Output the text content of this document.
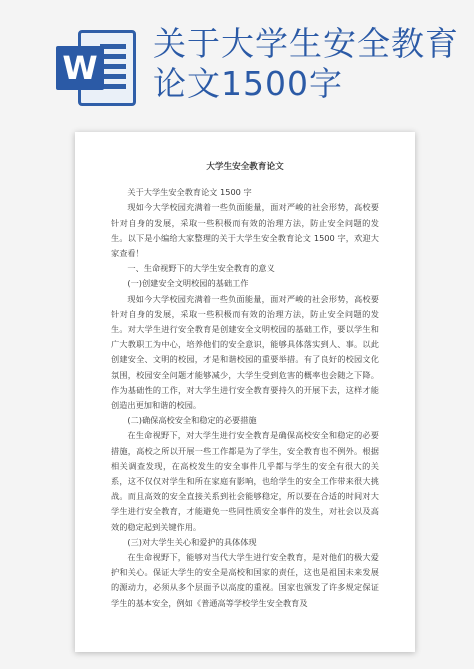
W
关于大学生安全教育论文1500字
大学生安全教育论文

关于大学生安全教育论文 1500 字

现如今大学校园充满着一些负面能量，面对严峻的社会形势，高校要针对自身的发展，采取一些积极而有效的治理方法，防止安全问题的发生。以下是小编给大家整理的关于大学生安全教育论文 1500 字，欢迎大家查看！

一、生命视野下的大学生安全教育的意义

(一)创建安全文明校园的基础工作

现如今大学校园充满着一些负面能量，面对严峻的社会形势，高校要针对自身的发展，采取一些积极而有效的治理方法，防止安全问题的发生。对大学生进行安全教育是创建安全文明校园的基础工作，要以学生和广大教职工为中心，培养他们的安全意识，能够具体落实到人、事。以此创建安全、文明的校园，才是和谐校园的重要举措。有了良好的校园文化氛围，校园安全问题才能够减少，大学生受到危害的概率也会随之下降。作为基础性的工作，对大学生进行安全教育要持久的开展下去，这样才能创造出更加和谐的校园。

(二)确保高校安全和稳定的必要措施

在生命视野下，对大学生进行安全教育是确保高校安全和稳定的必要措施，高校之所以开展一些工作都是为了学生，安全教育也不例外。根据相关调查发现，在高校发生的安全事件几乎都与学生的安全有很大的关系，这不仅仅对学生和所在家庭有影响，也给学生的安全工作带来很大挑战。而且高效的安全直接关系到社会能够稳定，所以要在合适的时间对大学生进行安全教育，才能避免一些同性质安全事件的发生，对社会以及高效的稳定起到关键作用。

(三)对大学生关心和爱护的具体体现

在生命视野下，能够对当代大学生进行安全教育，是对他们的极大爱护和关心。保证大学生的安全是高校和国家的责任，这也是祖国未来发展的源动力，必须从多个层面予以高度的重视。国家也颁发了许多规定保证学生的基本安全，例如《普通高等学校学生安全教育及
